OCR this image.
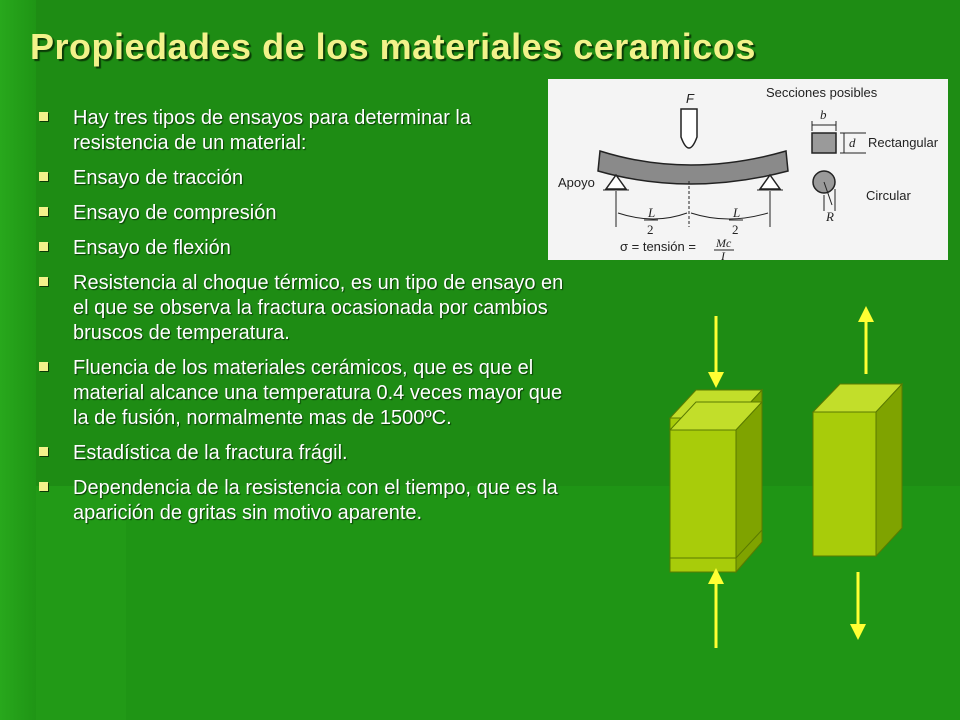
Propiedades de los materiales ceramicos
Hay tres tipos de ensayos para determinar la resistencia de un material:
Ensayo de tracción
Ensayo de compresión
Ensayo de flexión
Resistencia al choque térmico, es un tipo de ensayo en el que se observa la fractura ocasionada por cambios bruscos de temperatura.
Fluencia de los materiales cerámicos, que es que el material alcance una temperatura 0.4 veces mayor que la de fusión, normalmente mas de 1500ºC.
Estadística de la fractura frágil.
Dependencia de la resistencia con el tiempo, que es la aparición de gritas sin motivo aparente.
Secciones posibles
F
Apoyo
L
2
L
2
σ = tensión = Mc
I
b
d Rectangular
R
Circular
